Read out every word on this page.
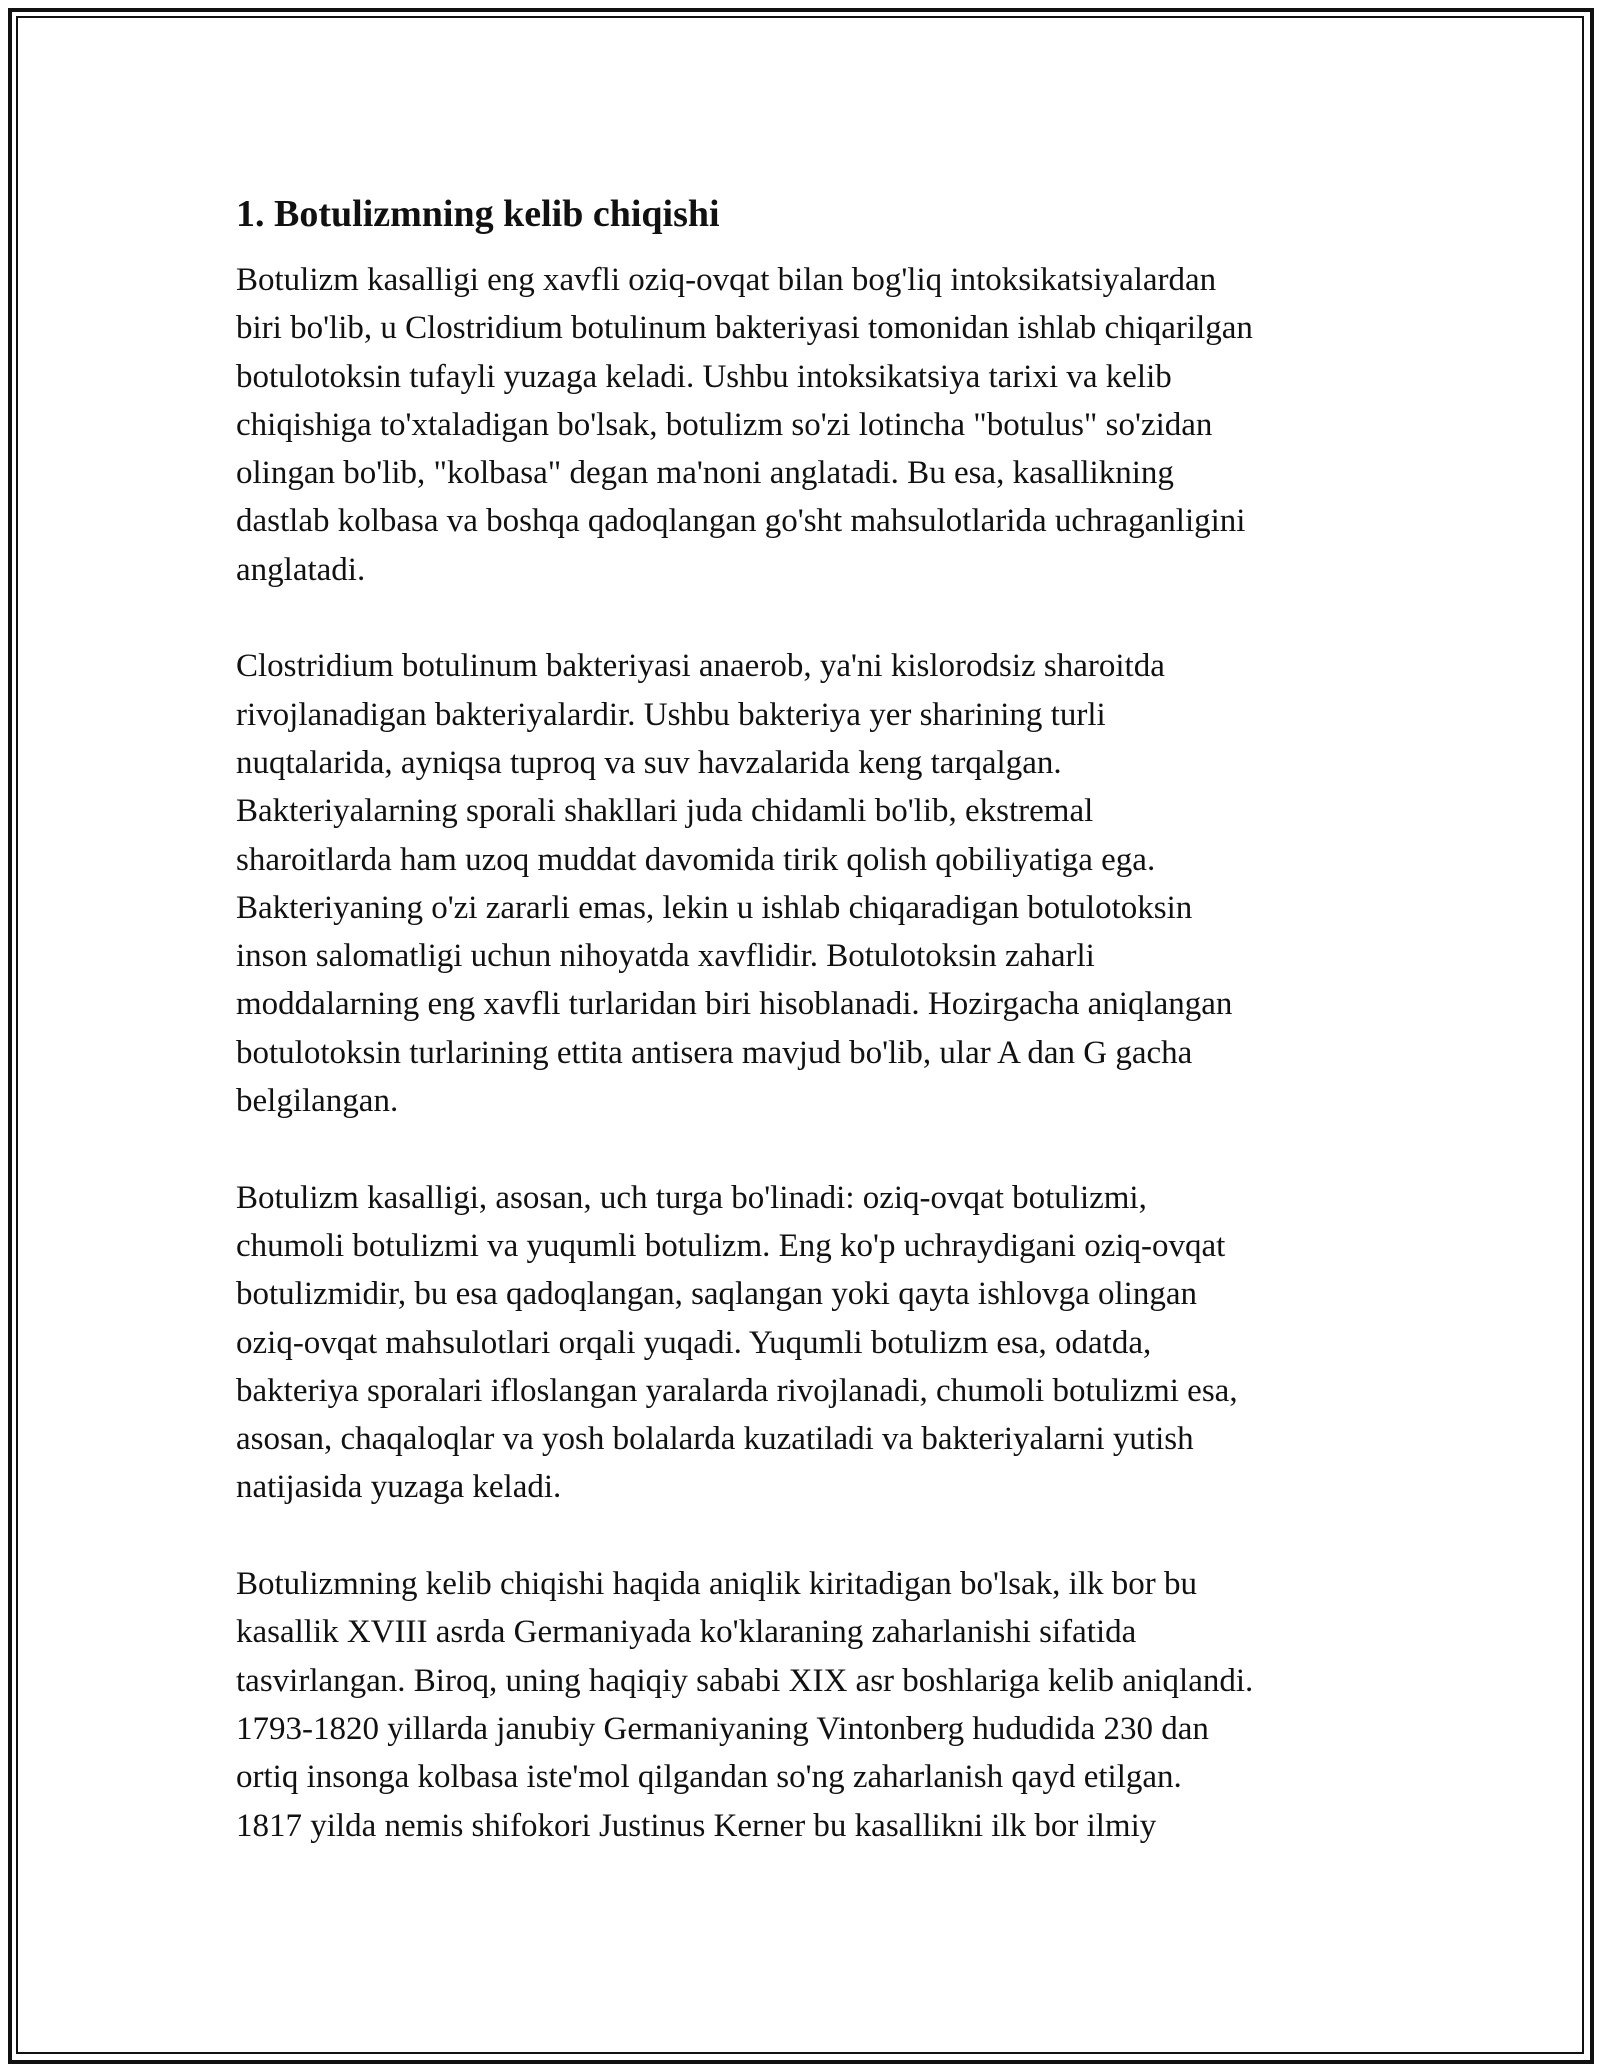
1. Botulizmning kelib chiqishi

Botulizm kasalligi eng xavfli oziq-ovqat bilan bog'liq intoksikatsiyalardan
biri bo'lib, u Clostridium botulinum bakteriyasi tomonidan ishlab chiqarilgan
botulotoksin tufayli yuzaga keladi. Ushbu intoksikatsiya tarixi va kelib
chiqishiga to'xtaladigan bo'lsak, botulizm so'zi lotincha "botulus" so'zidan
olingan bo'lib, "kolbasa" degan ma'noni anglatadi. Bu esa, kasallikning
dastlab kolbasa va boshqa qadoqlangan go'sht mahsulotlarida uchraganligini
anglatadi.

Clostridium botulinum bakteriyasi anaerob, ya'ni kislorodsiz sharoitda
rivojlanadigan bakteriyalardir. Ushbu bakteriya yer sharining turli
nuqtalarida, ayniqsa tuproq va suv havzalarida keng tarqalgan.
Bakteriyalarning sporali shakllari juda chidamli bo'lib, ekstremal
sharoitlarda ham uzoq muddat davomida tirik qolish qobiliyatiga ega.
Bakteriyaning o'zi zararli emas, lekin u ishlab chiqaradigan botulotoksin
inson salomatligi uchun nihoyatda xavflidir. Botulotoksin zaharli
moddalarning eng xavfli turlaridan biri hisoblanadi. Hozirgacha aniqlangan
botulotoksin turlarining ettita antisera mavjud bo'lib, ular A dan G gacha
belgilangan.

Botulizm kasalligi, asosan, uch turga bo'linadi: oziq-ovqat botulizmi,
chumoli botulizmi va yuqumli botulizm. Eng ko'p uchraydigani oziq-ovqat
botulizmidir, bu esa qadoqlangan, saqlangan yoki qayta ishlovga olingan
oziq-ovqat mahsulotlari orqali yuqadi. Yuqumli botulizm esa, odatda,
bakteriya sporalari ifloslangan yaralarda rivojlanadi, chumoli botulizmi esa,
asosan, chaqaloqlar va yosh bolalarda kuzatiladi va bakteriyalarni yutish
natijasida yuzaga keladi.

Botulizmning kelib chiqishi haqida aniqlik kiritadigan bo'lsak, ilk bor bu
kasallik XVIII asrda Germaniyada ko'klaraning zaharlanishi sifatida
tasvirlangan. Biroq, uning haqiqiy sababi XIX asr boshlariga kelib aniqlandi.
1793-1820 yillarda janubiy Germaniyaning Vintonberg hududida 230 dan
ortiq insonga kolbasa iste'mol qilgandan so'ng zaharlanish qayd etilgan.
1817 yilda nemis shifokori Justinus Kerner bu kasallikni ilk bor ilmiy
